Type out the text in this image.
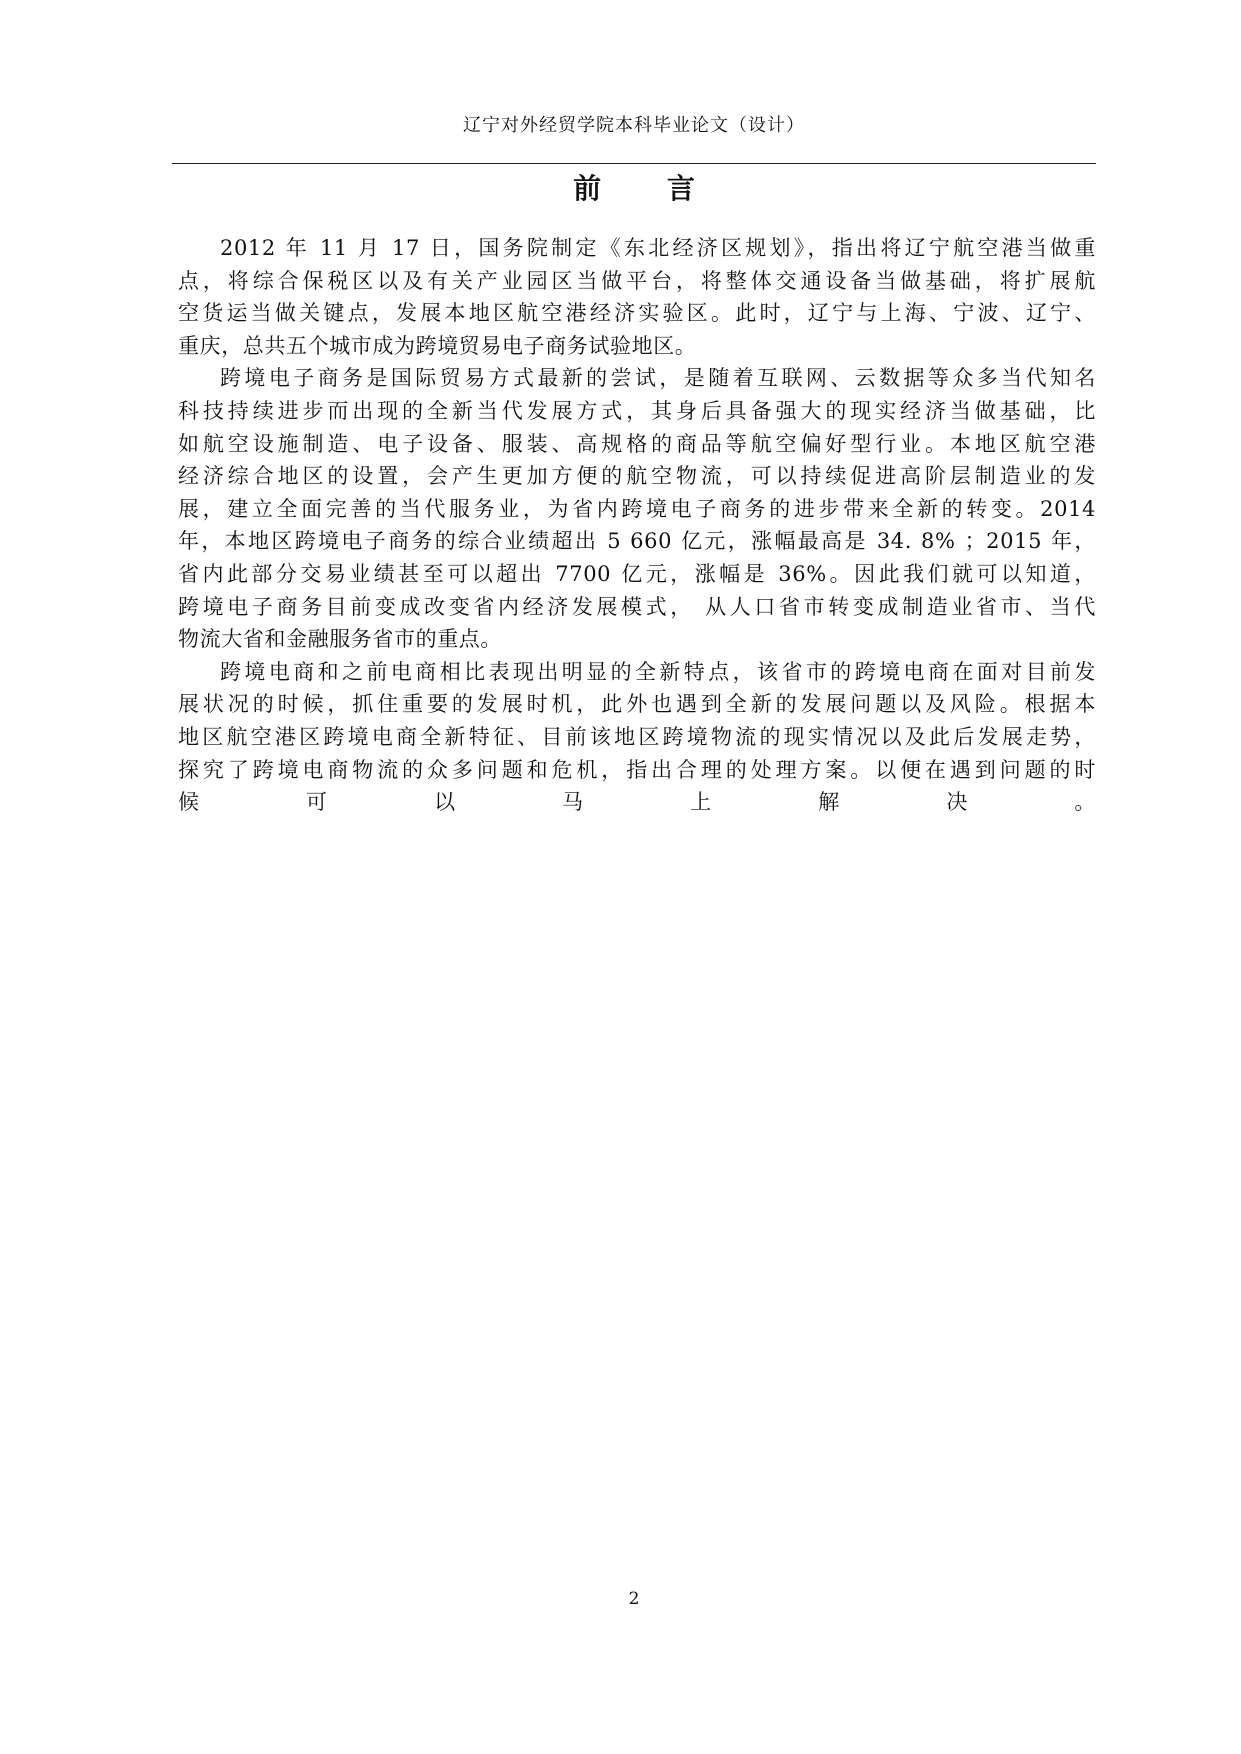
辽宁对外经贸学院本科毕业论文（设计）
前 言
2012 年 11 月 17 日，国务院制定《东北经济区规划》，指出将辽宁航空港当做重
点，将综合保税区以及有关产业园区当做平台，将整体交通设备当做基础，将扩展航
空货运当做关键点，发展本地区航空港经济实验区。此时，辽宁与上海、宁波、辽宁、
重庆，总共五个城市成为跨境贸易电子商务试验地区。
跨境电子商务是国际贸易方式最新的尝试，是随着互联网、云数据等众多当代知名
科技持续进步而出现的全新当代发展方式，其身后具备强大的现实经济当做基础，比
如航空设施制造、电子设备、服装、高规格的商品等航空偏好型行业。本地区航空港
经济综合地区的设置，会产生更加方便的航空物流，可以持续促进高阶层制造业的发
展，建立全面完善的当代服务业，为省内跨境电子商务的进步带来全新的转变。2014
年，本地区跨境电子商务的综合业绩超出 5 660 亿元，涨幅最高是 34. 8% ；2015 年，
省内此部分交易业绩甚至可以超出 7700 亿元，涨幅是 36%。因此我们就可以知道，
跨境电子商务目前变成改变省内经济发展模式， 从人口省市转变成制造业省市、当代
物流大省和金融服务省市的重点。
跨境电商和之前电商相比表现出明显的全新特点，该省市的跨境电商在面对目前发
展状况的时候，抓住重要的发展时机，此外也遇到全新的发展问题以及风险。根据本
地区航空港区跨境电商全新特征、目前该地区跨境物流的现实情况以及此后发展走势，
探究了跨境电商物流的众多问题和危机，指出合理的处理方案。以便在遇到问题的时
候 可 以 马 上 解 决 。
2
